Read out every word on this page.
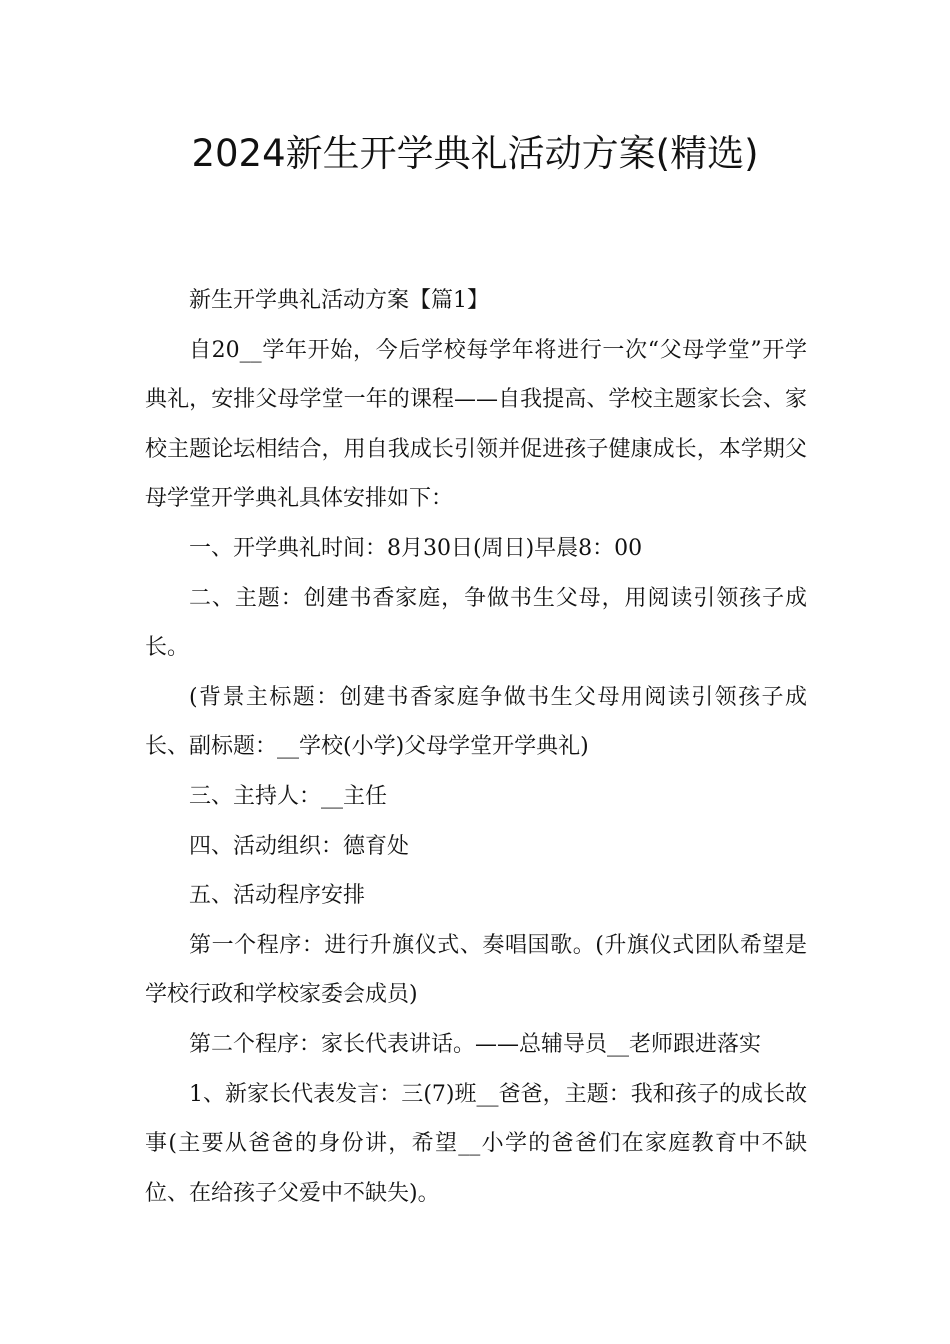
2024新生开学典礼活动方案(精选)

新生开学典礼活动方案【篇1】

自20__学年开始，今后学校每学年将进行一次“父母学堂”开学典礼，安排父母学堂一年的课程——自我提高、学校主题家长会、家校主题论坛相结合，用自我成长引领并促进孩子健康成长，本学期父母学堂开学典礼具体安排如下：

一、开学典礼时间：8月30日(周日)早晨8：00

二、主题：创建书香家庭，争做书生父母，用阅读引领孩子成长。

(背景主标题：创建书香家庭争做书生父母用阅读引领孩子成长、副标题：__学校(小学)父母学堂开学典礼)

三、主持人：__主任

四、活动组织：德育处

五、活动程序安排

第一个程序：进行升旗仪式、奏唱国歌。(升旗仪式团队希望是学校行政和学校家委会成员)

第二个程序：家长代表讲话。——总辅导员__老师跟进落实

1、新家长代表发言：三(7)班__爸爸，主题：我和孩子的成长故事(主要从爸爸的身份讲，希望__小学的爸爸们在家庭教育中不缺位、在给孩子父爱中不缺失)。
